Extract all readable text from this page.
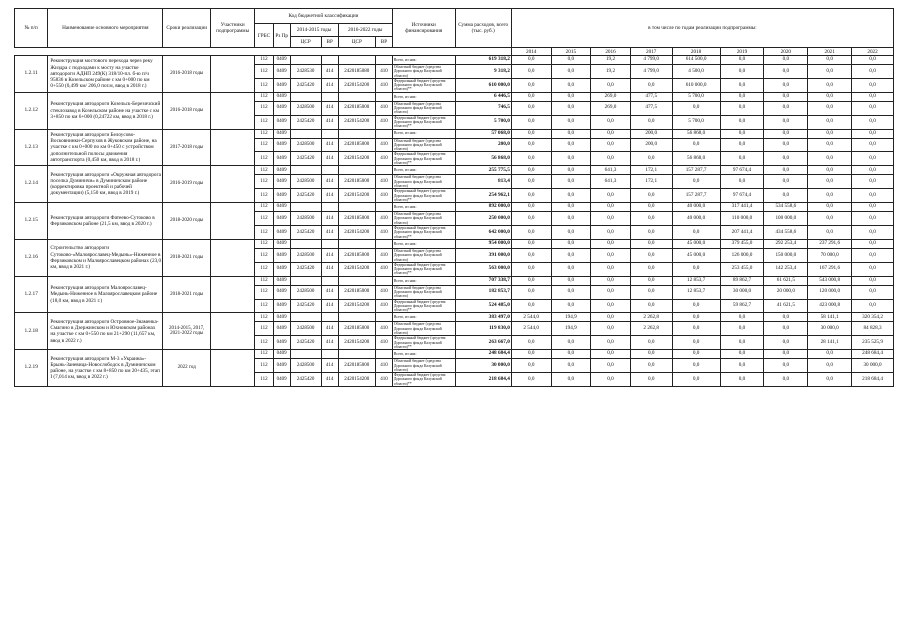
№ п/п	Наименование основного мероприятия	Сроки реализации	Участники подпрограммы	Код бюджетной классификации						Источники финансирования	Сумма расходов, всего (тыс. руб.)	в том числе по годам реализации подпрограммы:								
				ГРБС	Рз Пр	2014-2015 годы		2016-2022 годы												
						ЦСР	ВР	ЦСР	ВР											
												2014	2015	2016	2017	2018	2019	2020	2021	2022
1.2.11	Реконструкция мостового перехода через реку Жиздра с подходами к мосту на участке автодороги АДНП 249(К) 318/10-пл. б-ю п/ч 95836 в Козельском районе с км 0+000 по км 0+550 (0,499 км/ 206,0 пог.м, ввод в 2018 г.)	2016-2018 годы		112	0409					Всего, из них:	619 318,2	0,0	0,0	19,2	4 799,0	614 500,0	0,0	0,0	0,0	0,0
				112	0409	2428530	414	2420185080	410	Областной бюджет (средства Дорожного фонда Калужской области)	9 318,2	0,0	0,0	19,2	4 799,0	4 500,0	0,0	0,0	0,0	0,0
				112	0409	2425420	414	2420154200	410	Федеральный бюджет (средства Дорожного фонда Калужской области)**	610 000,0	0,0	0,0	0,0	0,0	610 000,0	0,0	0,0	0,0	0,0
1.2.12	Реконструкция автодороги Козельск-Березичский стеклозавод в Козельском районе на участке с км 3+850 по км 6+000 (0,24722 км, ввод в 2018 г.)	2016-2018 годы		112	0409					Всего, из них:	6 446,5	0,0	0,0	269,0	477,5	5 700,0	0,0	0,0	0,0	0,0
				112	0409	2428500	414	2420185000	410	Областной бюджет (средства Дорожного фонда Калужской области)	746,5	0,0	0,0	269,0	477,5	0,0	0,0	0,0	0,0	0,0
				112	0409	2425420	414	2420154200	410	Федеральный бюджет (средства Дорожного фонда Калужской области)**	5 700,0	0,0	0,0	0,0	0,0	5 700,0	0,0	0,0	0,0	0,0
1.2.13	Реконструкция автодороги Белоусово-Восковнинки-Серпухов в Жуковском районе, на участке с км 0+000 по км 0+450 с устройством дополнительной полосы движения автотранспорта (0,450 км, ввод в 2018 г.)	2017-2018 годы		112	0409					Всего, из них:	57 068,0	0,0	0,0	0,0	200,0	56 868,0	0,0	0,0	0,0	0,0
				112	0409	2428500	414	2420185000	410	Областной бюджет (средства Дорожного фонда Калужской области)	200,0	0,0	0,0	0,0	200,0	0,0	0,0	0,0	0,0	0,0
				112	0409	2425420	414	2420154200	410	Федеральный бюджет (средства Дорожного фонда Калужской области)**	56 868,0	0,0	0,0	0,0	0,0	56 868,0	0,0	0,0	0,0	0,0
1.2.14	Реконструкция автодороги «Окружная автодорога поселка Думиничи» в Думиничском районе (корректировка проектной и рабочей документации) (5,150 км, ввод в 2019 г.)	2016-2019 годы		112	0409					Всего, из них:	255 775,5	0,0	0,0	641,3	172,1	157 287,7	97 674,4	0,0	0,0	0,0
				112	0409	2428500	414	2420185000	410	Областной бюджет (средства Дорожного фонда Калужской области)	813,4	0,0	0,0	641,3	172,1	0,0	0,0	0,0	0,0	0,0
				112	0409	2425420	414	2420154200	410	Федеральный бюджет (средства Дорожного фонда Калужской области)**	254 962,1	0,0	0,0	0,0	0,0	157 287,7	97 674,4	0,0	0,0	0,0
1.2.15	Реконструкция автодороги Фатеево-Сутоково в Ферзиковском районе (21,5 км, ввод в 2020 г.)	2018-2020 годы		112	0409					Всего, из них:	892 000,0	0,0	0,0	0,0	0,0	40 000,0	317 441,4	534 558,6	0,0	0,0
				112	0409	2428500	414	2420185000	410	Областной бюджет (средства Дорожного фонда Калужской области)	250 000,0	0,0	0,0	0,0	0,0	40 000,0	110 000,0	100 000,0	0,0	0,0
				112	0409	2425420	414	2420154200	410	Федеральный бюджет (средства Дорожного фонда Калужской области)**	642 000,0	0,0	0,0	0,0	0,0	0,0	207 441,4	434 558,6	0,0	0,0
1.2.16	Строительство автодороги Сутоково-«Малоярославец-Медынь»-Ниженное в Ферзиковском и Малоярославецком районах (23,0 км, ввод в 2021 г.)	2018-2021 годы		112	0409					Всего, из них:	954 000,0	0,0	0,0	0,0	0,0	45 000,0	379 455,0	292 253,4	237 291,6	0,0
				112	0409	2428500	414	2420185000	410	Областной бюджет (средства Дорожного фонда Калужской области)	391 000,0	0,0	0,0	0,0	0,0	45 000,0	126 000,0	150 000,0	70 000,0	0,0
				112	0409	2425420	414	2420154200	410	Федеральный бюджет (средства Дорожного фонда Калужской области)**	563 000,0	0,0	0,0	0,0	0,0	0,0	253 455,0	142 253,4	167 291,6	0,0
1.2.17	Реконструкция автодороги Малоярославец-Медынь-Ниженное в Малоярославецком районе (18,0 км, ввод в 2021 г.)	2018-2021 годы		112	0409					Всего, из них:	707 338,7	0,0	0,0	0,0	0,0	12 853,7	89 862,7	61 621,5	543 000,8	0,0
				112	0409	2428500	414	2420185000	410	Областной бюджет (средства Дорожного фонда Калужской области)	182 853,7	0,0	0,0	0,0	0,0	12 853,7	30 000,0	20 000,0	120 000,0	0,0
				112	0409	2425420	414	2420154200	410	Федеральный бюджет (средства Дорожного фонда Калужской области)**	524 485,0	0,0	0,0	0,0	0,0	0,0	59 862,7	41 621,5	423 000,8	0,0
1.2.18	Реконструкция автодороги Островное-Знаменка-Смагино в Дзержинском и Юхновском районах на участке с км 0+550 по км 21+290 (11,657 км, ввод в 2022 г.)	2014-2015, 2017, 2021-2022 годы		112	0409					Всего, из них:	383 497,0	2 544,0	194,9	0,0	2 262,8	0,0	0,0	0,0	58 141,1	320 354,2
				112	0409	2428500	414	2420185000	410	Областной бюджет (средства Дорожного фонда Калужской области)	119 830,0	2 544,0	194,9	0,0	2 262,8	0,0	0,0	0,0	30 000,0	84 828,3
				112	0409	2425420	414	2420154200	410	Федеральный бюджет (средства Дорожного фонда Калужской области)**	263 667,0	0,0	0,0	0,0	0,0	0,0	0,0	0,0	28 141,1	235 525,9
1.2.19	Реконструкция автодороги М-3 «Украина»-Брынь-Заневица-Новослободск в Думиничском районе, на участке с км 8+850 по км 20+435, этап I (7,014 км, ввод в 2022 г.)	2022 год		112	0409					Всего, из них:	248 684,4	0,0	0,0	0,0	0,0	0,0	0,0	0,0	0,0	248 684,4
				112	0409	2428500	414	2420185000	410	Областной бюджет (средства Дорожного фонда Калужской области)	30 000,0	0,0	0,0	0,0	0,0	0,0	0,0	0,0	0,0	30 000,0
				112	0409	2425420	414	2420154200	410	Федеральный бюджет (средства Дорожного фонда Калужской области)**	218 684,4	0,0	0,0	0,0	0,0	0,0	0,0	0,0	0,0	218 684,4
